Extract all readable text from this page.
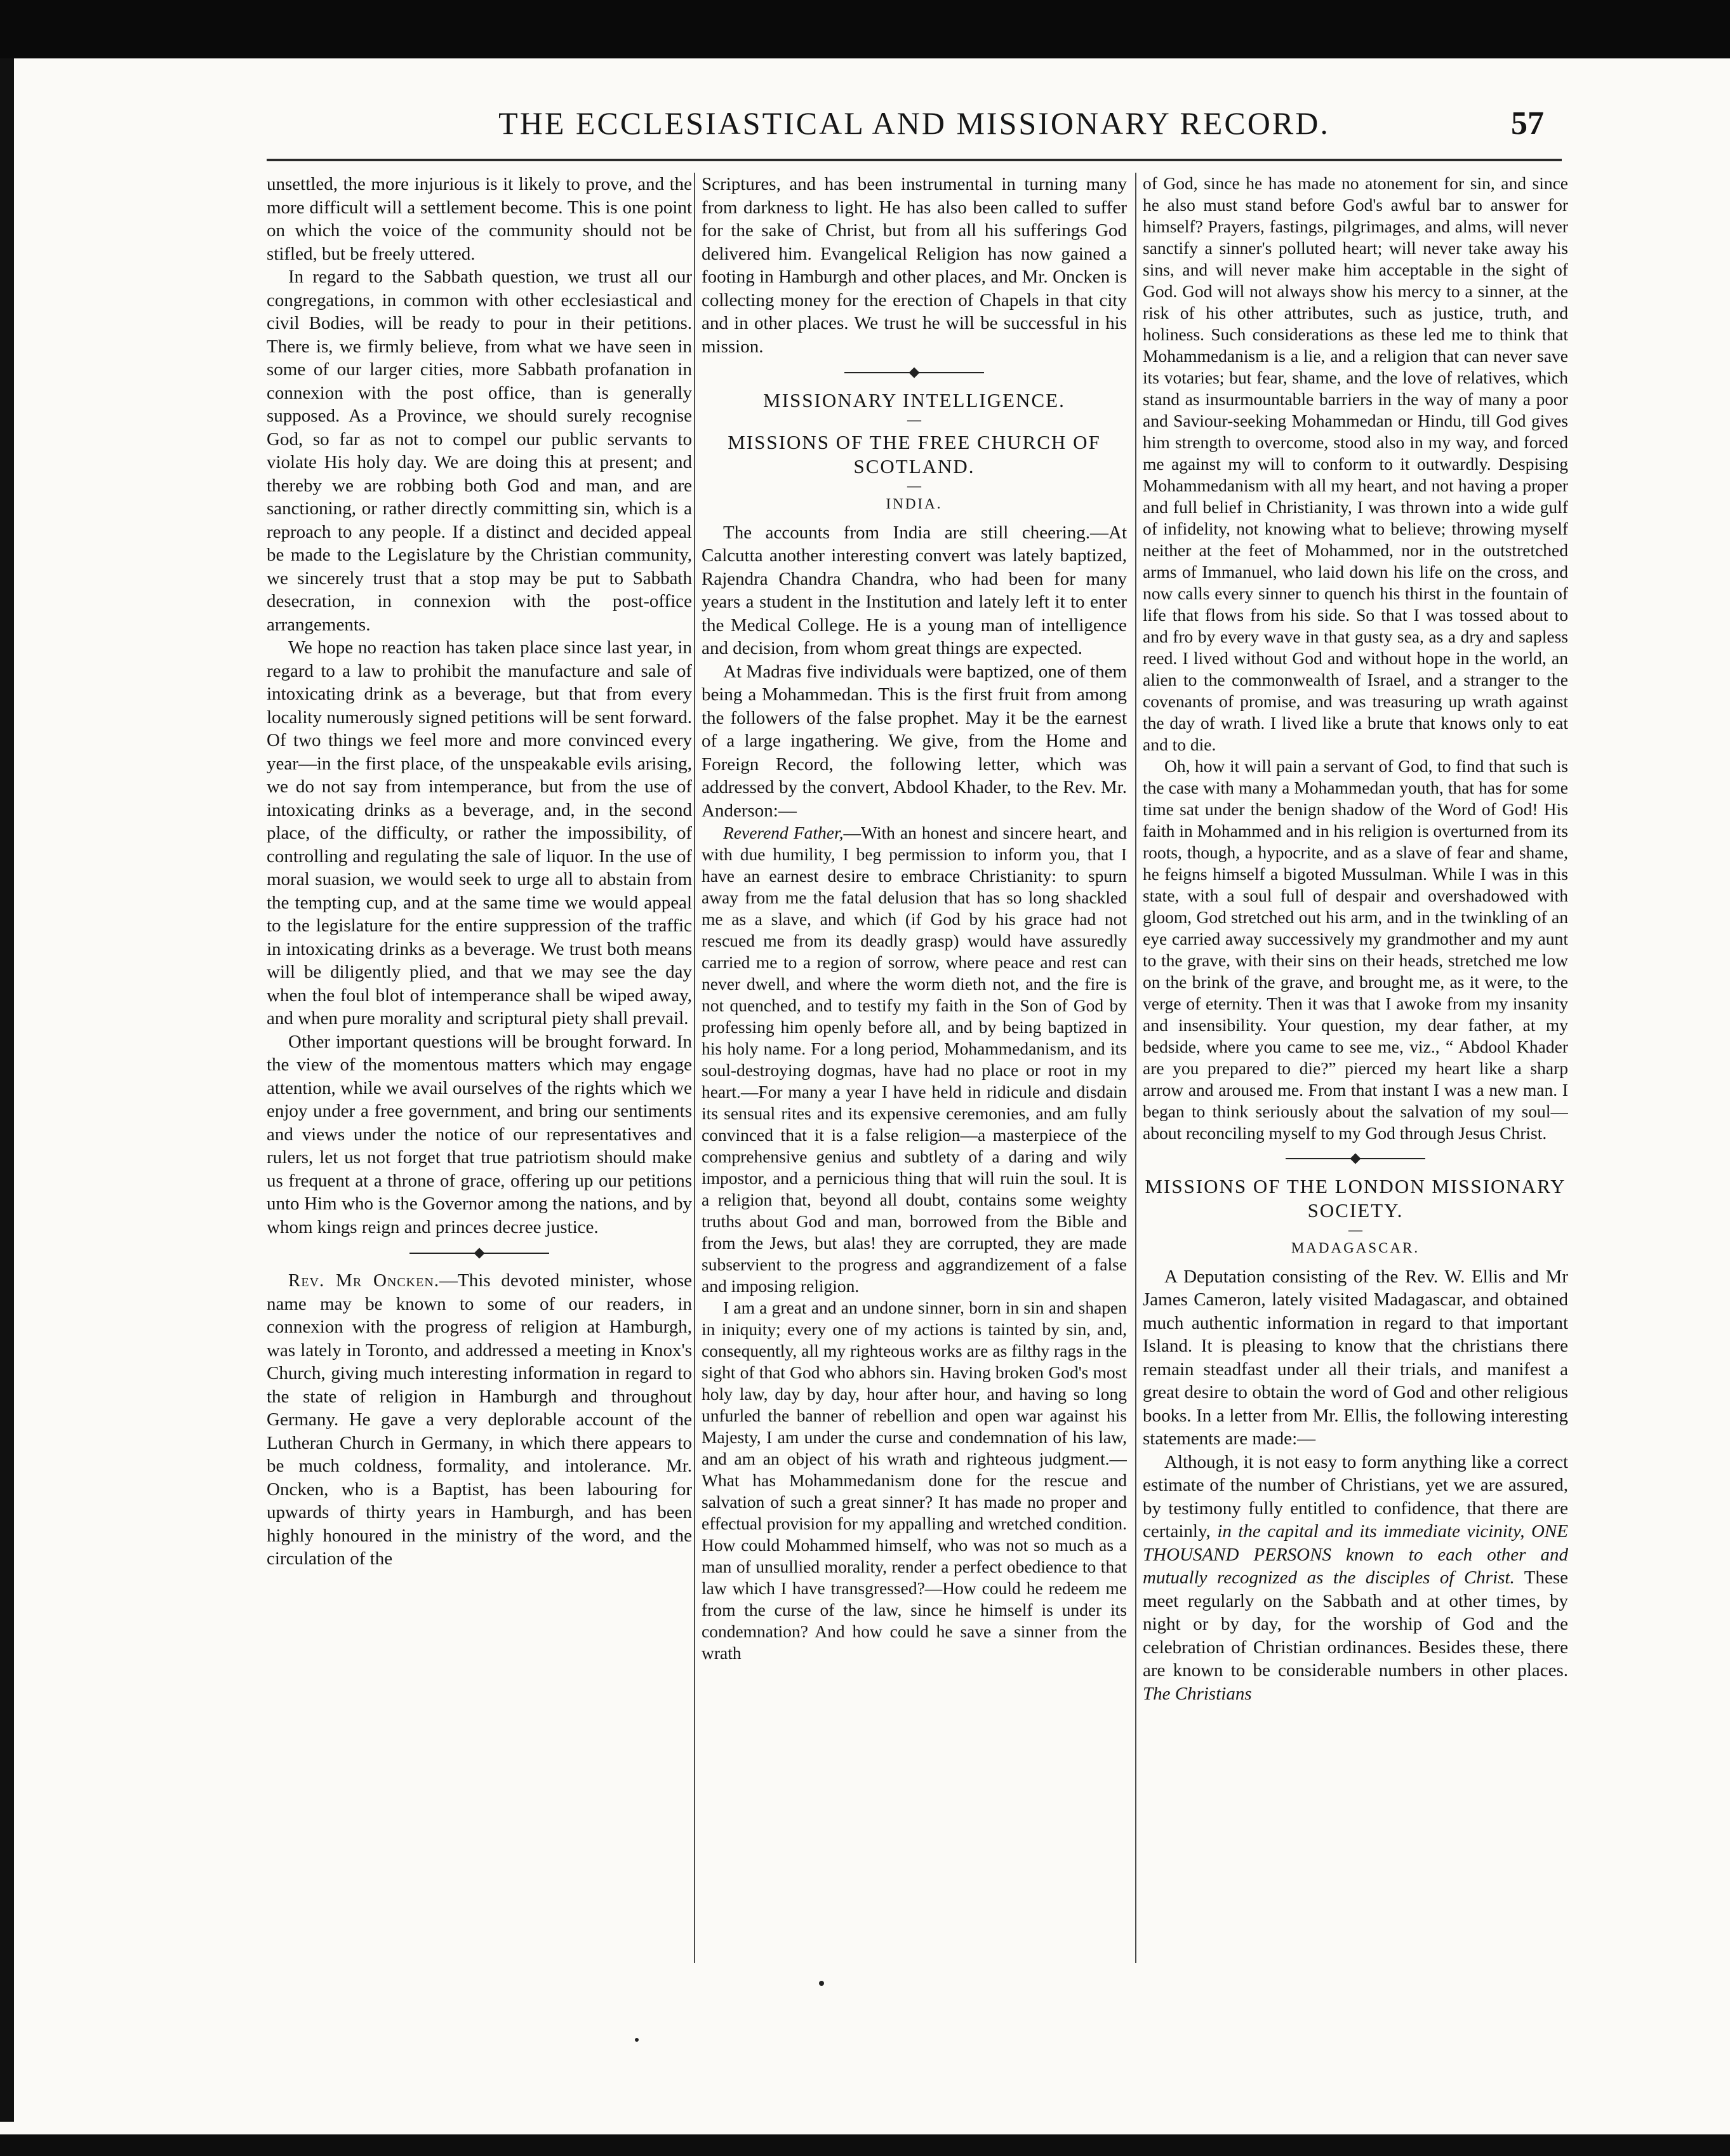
THE ECCLESIASTICAL AND MISSIONARY RECORD.	57

unsettled, the more injurious is it likely to prove, and the more difficult will a settlement become. This is one point on which the voice of the community should not be stifled, but be freely uttered.

In regard to the Sabbath question, we trust all our congregations, in common with other ecclesiastical and civil Bodies, will be ready to pour in their petitions. There is, we firmly believe, from what we have seen in some of our larger cities, more Sabbath profanation in connexion with the post office, than is generally supposed. As a Province, we should surely recognise God, so far as not to compel our public servants to violate His holy day. We are doing this at present; and thereby we are robbing both God and man, and are sanctioning, or rather directly committing sin, which is a reproach to any people. If a distinct and decided appeal be made to the Legislature by the Christian community, we sincerely trust that a stop may be put to Sabbath desecration, in connexion with the post-office arrangements.

We hope no reaction has taken place since last year, in regard to a law to prohibit the manufacture and sale of intoxicating drink as a beverage, but that from every locality numerously signed petitions will be sent forward. Of two things we feel more and more convinced every year—in the first place, of the unspeakable evils arising, we do not say from intemperance, but from the use of intoxicating drinks as a beverage, and, in the second place, of the difficulty, or rather the impossibility, of controlling and regulating the sale of liquor. In the use of moral suasion, we would seek to urge all to abstain from the tempting cup, and at the same time we would appeal to the legislature for the entire suppression of the traffic in intoxicating drinks as a beverage. We trust both means will be diligently plied, and that we may see the day when the foul blot of intemperance shall be wiped away, and when pure morality and scriptural piety shall prevail.

Other important questions will be brought forward. In the view of the momentous matters which may engage attention, while we avail ourselves of the rights which we enjoy under a free government, and bring our sentiments and views under the notice of our representatives and rulers, let us not forget that true patriotism should make us frequent at a throne of grace, offering up our petitions unto Him who is the Governor among the nations, and by whom kings reign and princes decree justice.

Rev. Mr Oncken.—This devoted minister, whose name may be known to some of our readers, in connexion with the progress of religion at Hamburgh, was lately in Toronto, and addressed a meeting in Knox's Church, giving much interesting information in regard to the state of religion in Hamburgh and throughout Germany. He gave a very deplorable account of the Lutheran Church in Germany, in which there appears to be much coldness, formality, and intolerance. Mr. Oncken, who is a Baptist, has been labouring for upwards of thirty years in Hamburgh, and has been highly honoured in the ministry of the word, and the circulation of the

Scriptures, and has been instrumental in turning many from darkness to light. He has also been called to suffer for the sake of Christ, but from all his sufferings God delivered him. Evangelical Religion has now gained a footing in Hamburgh and other places, and Mr. Oncken is collecting money for the erection of Chapels in that city and in other places. We trust he will be successful in his mission.

MISSIONARY INTELLIGENCE.
—
MISSIONS OF THE FREE CHURCH OF SCOTLAND.
—
INDIA.

The accounts from India are still cheering.—At Calcutta another interesting convert was lately baptized, Rajendra Chandra Chandra, who had been for many years a student in the Institution and lately left it to enter the Medical College. He is a young man of intelligence and decision, from whom great things are expected.

At Madras five individuals were baptized, one of them being a Mohammedan. This is the first fruit from among the followers of the false prophet. May it be the earnest of a large ingathering. We give, from the Home and Foreign Record, the following letter, which was addressed by the convert, Abdool Khader, to the Rev. Mr. Anderson:—

Reverend Father,—With an honest and sincere heart, and with due humility, I beg permission to inform you, that I have an earnest desire to embrace Christianity: to spurn away from me the fatal delusion that has so long shackled me as a slave, and which (if God by his grace had not rescued me from its deadly grasp) would have assuredly carried me to a region of sorrow, where peace and rest can never dwell, and where the worm dieth not, and the fire is not quenched, and to testify my faith in the Son of God by professing him openly before all, and by being baptized in his holy name. For a long period, Mohammedanism, and its soul-destroying dogmas, have had no place or root in my heart.—For many a year I have held in ridicule and disdain its sensual rites and its expensive ceremonies, and am fully convinced that it is a false religion—a masterpiece of the comprehensive genius and subtlety of a daring and wily impostor, and a pernicious thing that will ruin the soul. It is a religion that, beyond all doubt, contains some weighty truths about God and man, borrowed from the Bible and from the Jews, but alas! they are corrupted, they are made subservient to the progress and aggrandizement of a false and imposing religion.

I am a great and an undone sinner, born in sin and shapen in iniquity; every one of my actions is tainted by sin, and, consequently, all my righteous works are as filthy rags in the sight of that God who abhors sin. Having broken God's most holy law, day by day, hour after hour, and having so long unfurled the banner of rebellion and open war against his Majesty, I am under the curse and condemnation of his law, and am an object of his wrath and righteous judgment.—What has Mohammedanism done for the rescue and salvation of such a great sinner? It has made no proper and effectual provision for my appalling and wretched condition. How could Mohammed himself, who was not so much as a man of unsullied morality, render a perfect obedience to that law which I have transgressed?—How could he redeem me from the curse of the law, since he himself is under its condemnation? And how could he save a sinner from the wrath

of God, since he has made no atonement for sin, and since he also must stand before God's awful bar to answer for himself? Prayers, fastings, pilgrimages, and alms, will never sanctify a sinner's polluted heart; will never take away his sins, and will never make him acceptable in the sight of God. God will not always show his mercy to a sinner, at the risk of his other attributes, such as justice, truth, and holiness. Such considerations as these led me to think that Mohammedanism is a lie, and a religion that can never save its votaries; but fear, shame, and the love of relatives, which stand as insurmountable barriers in the way of many a poor and Saviour-seeking Mohammedan or Hindu, till God gives him strength to overcome, stood also in my way, and forced me against my will to conform to it outwardly. Despising Mohammedanism with all my heart, and not having a proper and full belief in Christianity, I was thrown into a wide gulf of infidelity, not knowing what to believe; throwing myself neither at the feet of Mohammed, nor in the outstretched arms of Immanuel, who laid down his life on the cross, and now calls every sinner to quench his thirst in the fountain of life that flows from his side. So that I was tossed about to and fro by every wave in that gusty sea, as a dry and sapless reed. I lived without God and without hope in the world, an alien to the commonwealth of Israel, and a stranger to the covenants of promise, and was treasuring up wrath against the day of wrath. I lived like a brute that knows only to eat and to die.

Oh, how it will pain a servant of God, to find that such is the case with many a Mohammedan youth, that has for some time sat under the benign shadow of the Word of God! His faith in Mohammed and in his religion is overturned from its roots, though, a hypocrite, and as a slave of fear and shame, he feigns himself a bigoted Mussulman. While I was in this state, with a soul full of despair and overshadowed with gloom, God stretched out his arm, and in the twinkling of an eye carried away successively my grandmother and my aunt to the grave, with their sins on their heads, stretched me low on the brink of the grave, and brought me, as it were, to the verge of eternity. Then it was that I awoke from my insanity and insensibility. Your question, my dear father, at my bedside, where you came to see me, viz., “ Abdool Khader are you prepared to die?” pierced my heart like a sharp arrow and aroused me. From that instant I was a new man. I began to think seriously about the salvation of my soul—about reconciling myself to my God through Jesus Christ.

MISSIONS OF THE LONDON MISSIONARY SOCIETY.
—
MADAGASCAR.

A Deputation consisting of the Rev. W. Ellis and Mr James Cameron, lately visited Madagascar, and obtained much authentic information in regard to that important Island. It is pleasing to know that the christians there remain steadfast under all their trials, and manifest a great desire to obtain the word of God and other religious books. In a letter from Mr. Ellis, the following interesting statements are made:—

Although, it is not easy to form anything like a correct estimate of the number of Christians, yet we are assured, by testimony fully entitled to confidence, that there are certainly, in the capital and its immediate vicinity, ONE THOUSAND PERSONS known to each other and mutually recognized as the disciples of Christ. These meet regularly on the Sabbath and at other times, by night or by day, for the worship of God and the celebration of Christian ordinances. Besides these, there are known to be considerable numbers in other places. The Christians
